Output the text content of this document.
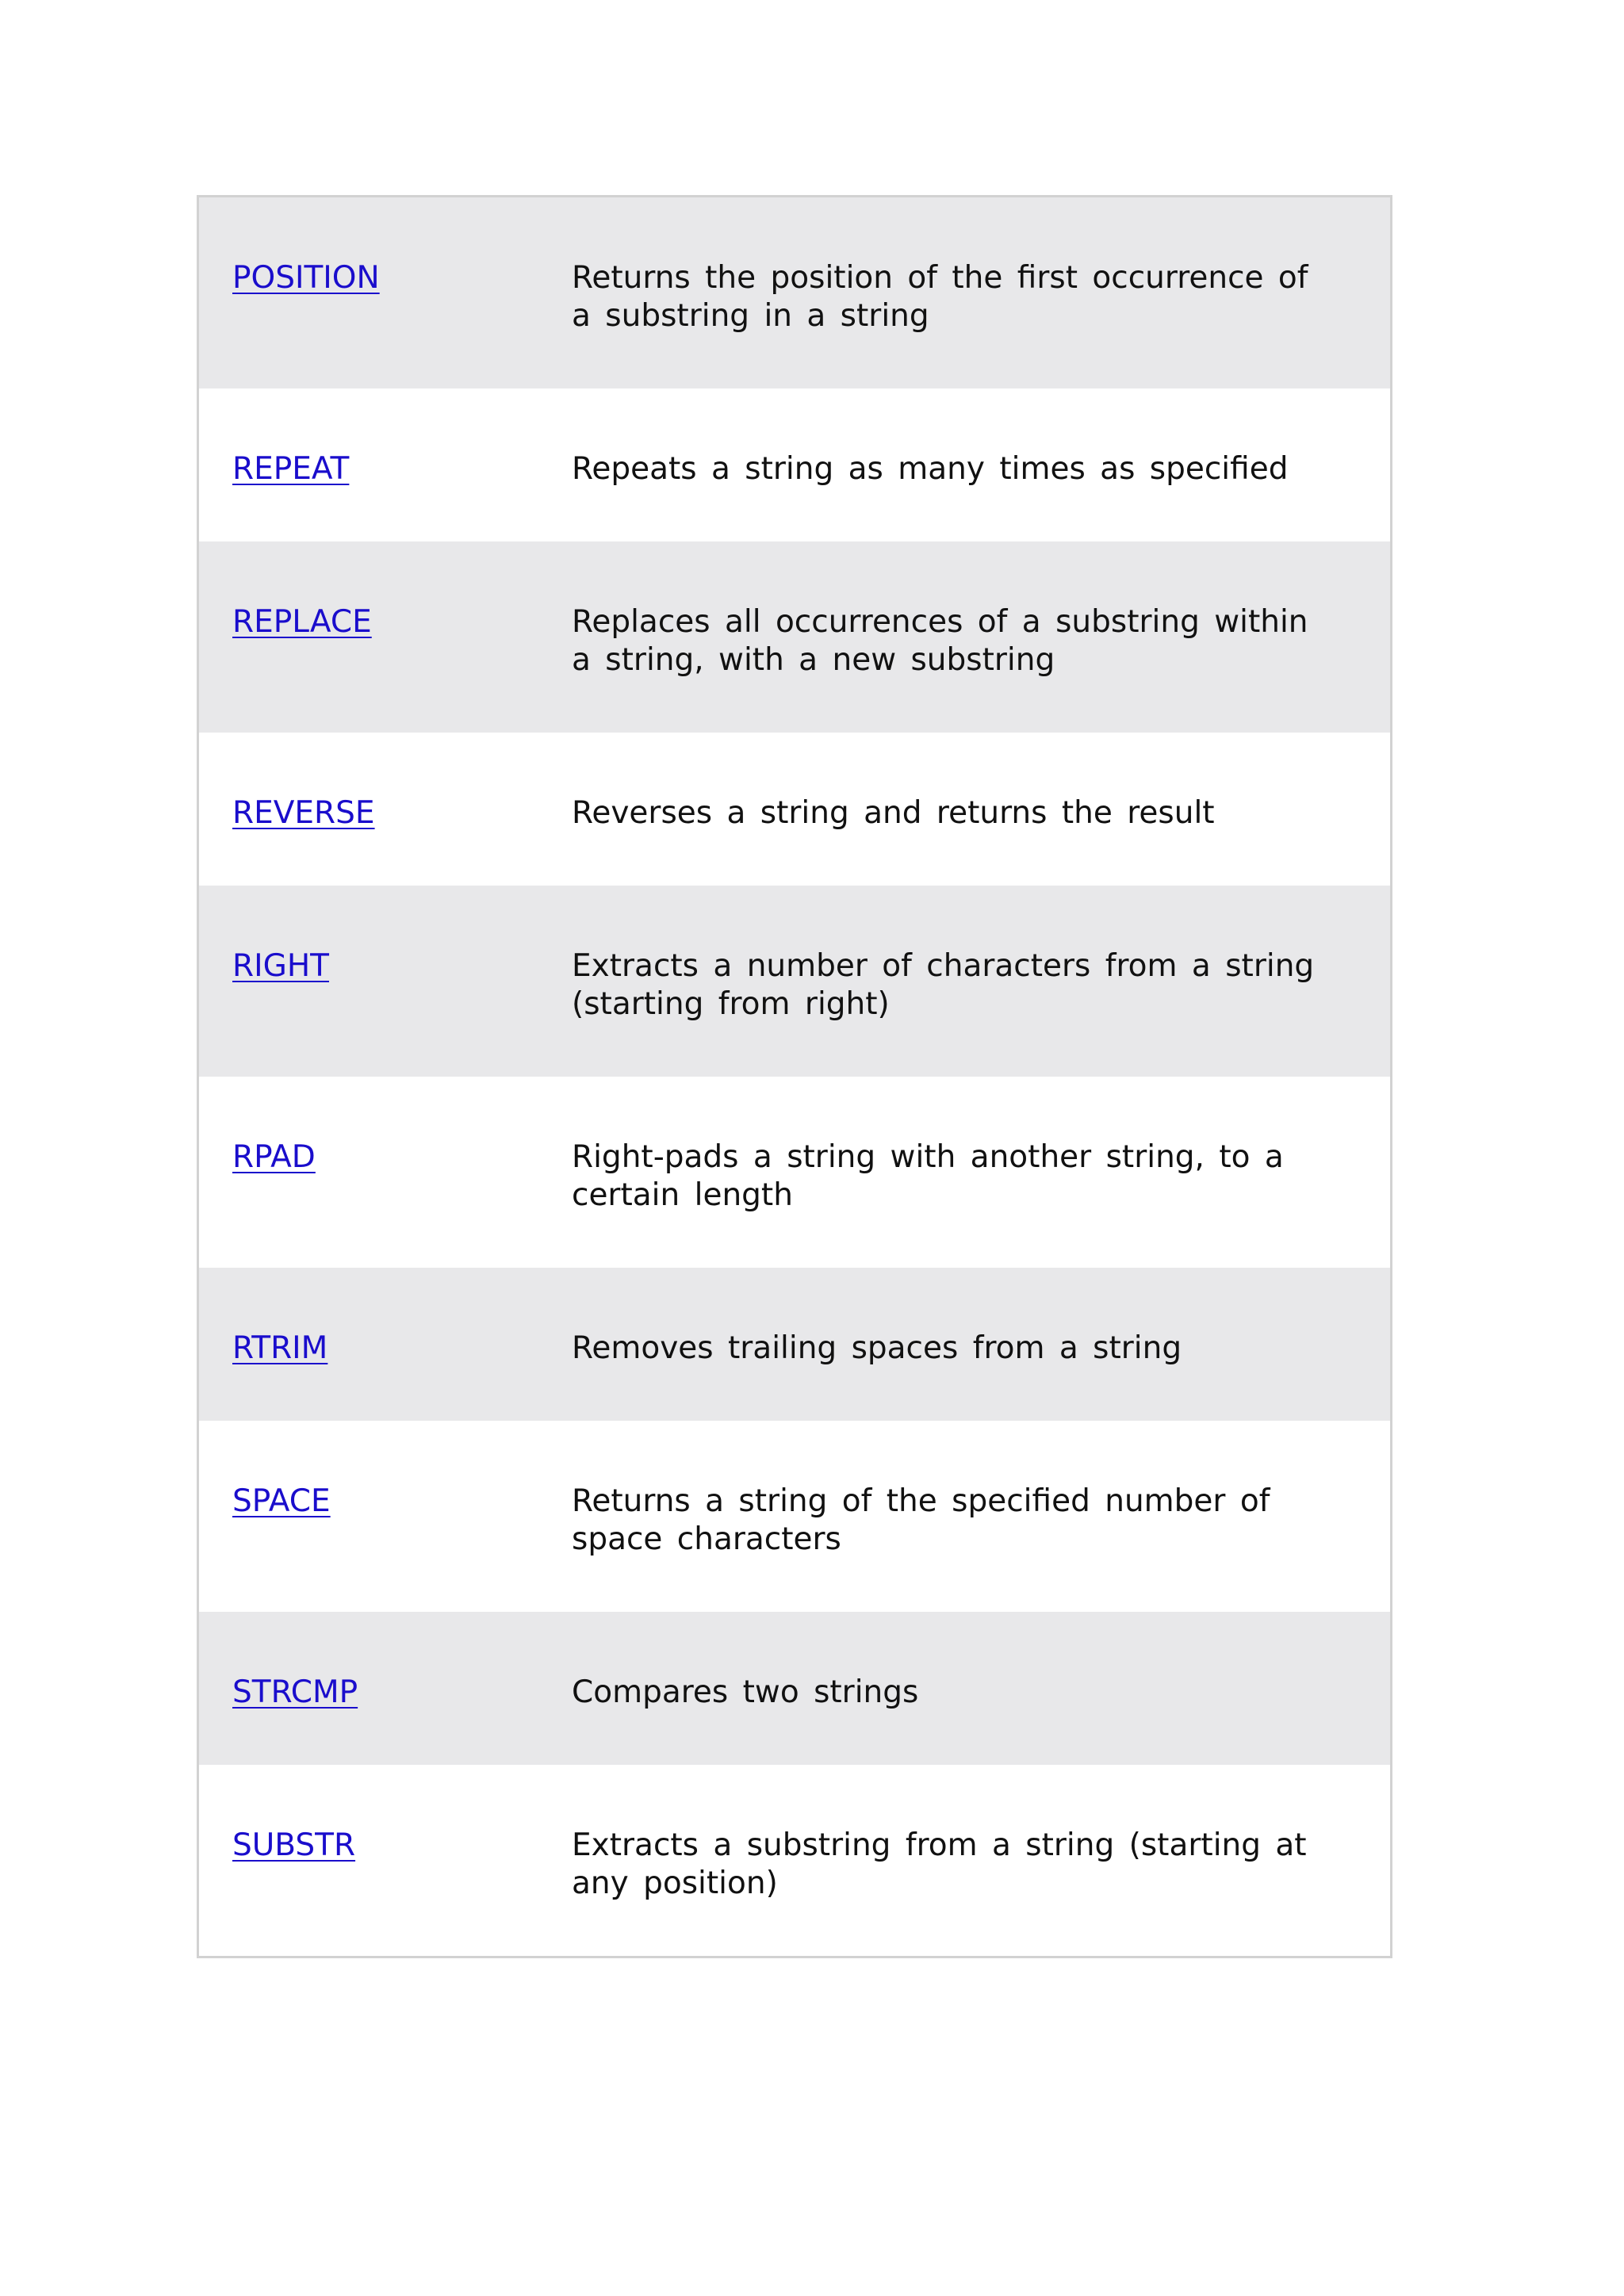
POSITION	Returns the position of the first occurrence of a substring in a string
REPEAT	Repeats a string as many times as specified
REPLACE	Replaces all occurrences of a substring within a string, with a new substring
REVERSE	Reverses a string and returns the result
RIGHT	Extracts a number of characters from a string (starting from right)
RPAD	Right-pads a string with another string, to a certain length
RTRIM	Removes trailing spaces from a string
SPACE	Returns a string of the specified number of space characters
STRCMP	Compares two strings
SUBSTR	Extracts a substring from a string (starting at any position)
